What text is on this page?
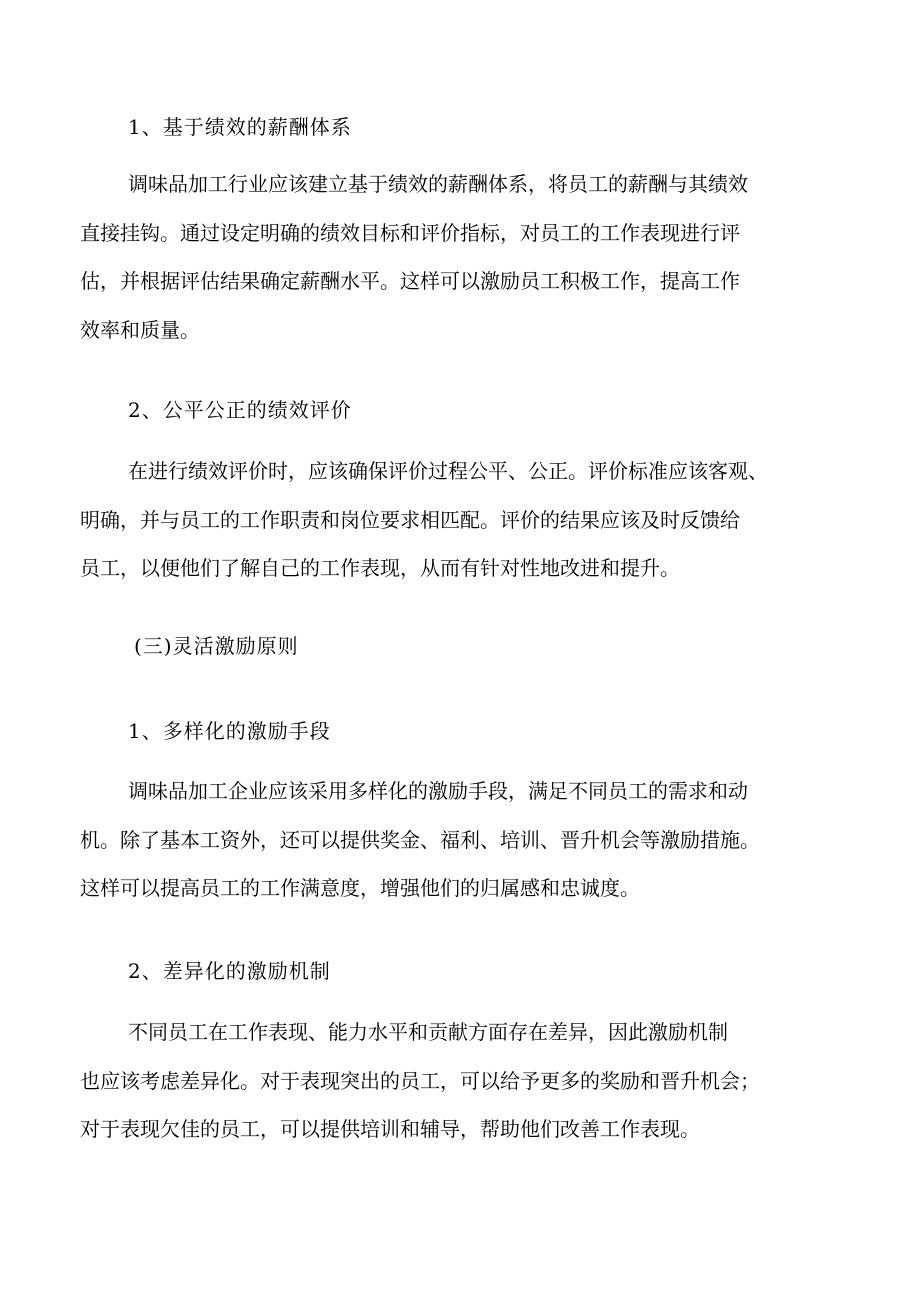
1、基于绩效的薪酬体系
调味品加工行业应该建立基于绩效的薪酬体系，将员工的薪酬与其绩效
直接挂钩。通过设定明确的绩效目标和评价指标，对员工的工作表现进行评
估，并根据评估结果确定薪酬水平。这样可以激励员工积极工作，提高工作
效率和质量。
2、公平公正的绩效评价
在进行绩效评价时，应该确保评价过程公平、公正。评价标准应该客观、
明确，并与员工的工作职责和岗位要求相匹配。评价的结果应该及时反馈给
员工，以便他们了解自己的工作表现，从而有针对性地改进和提升。
(三)灵活激励原则
1、多样化的激励手段
调味品加工企业应该采用多样化的激励手段，满足不同员工的需求和动
机。除了基本工资外，还可以提供奖金、福利、培训、晋升机会等激励措施。
这样可以提高员工的工作满意度，增强他们的归属感和忠诚度。
2、差异化的激励机制
不同员工在工作表现、能力水平和贡献方面存在差异，因此激励机制
也应该考虑差异化。对于表现突出的员工，可以给予更多的奖励和晋升机会；
对于表现欠佳的员工，可以提供培训和辅导，帮助他们改善工作表现。
